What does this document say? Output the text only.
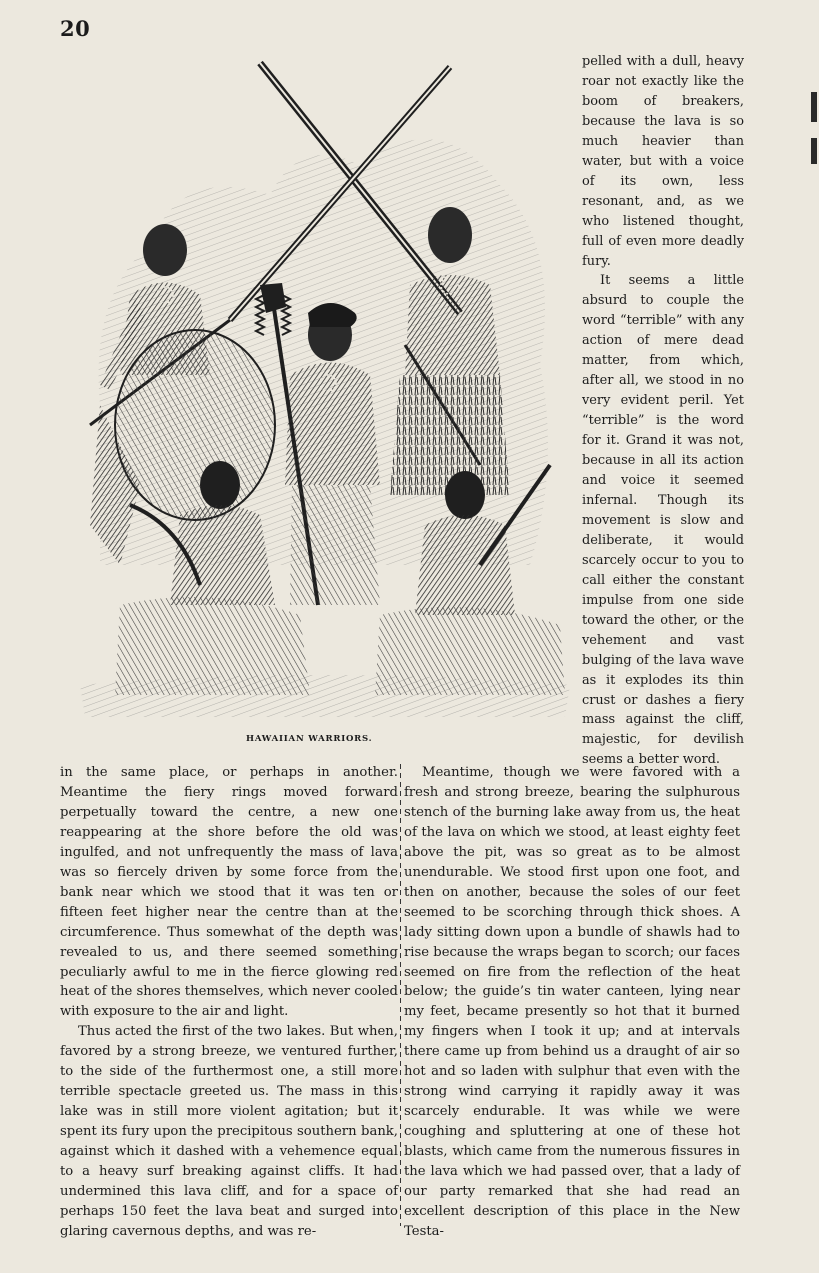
20
HAWAIIAN WARRIORS.

pelled with a dull, heavy roar not exactly like the boom of breakers, because the lava is so much heavier than water, but with a voice of its own, less resonant, and, as we who listened thought, full of even more deadly fury.

It seems a little absurd to couple the word “terrible” with any action of mere dead matter, from which, after all, we stood in no very evident peril. Yet “terrible” is the word for it. Grand it was not, because in all its action and voice it seemed infernal. Though its movement is slow and deliberate, it would scarcely occur to you to call either the constant impulse from one side toward the other, or the vehement and vast bulging of the lava wave as it explodes its thin crust or dashes a fiery mass against the cliff, majestic, for devilish seems a better word.

in the same place, or perhaps in another. Meantime the fiery rings moved forward perpetually toward the centre, a new one reappearing at the shore before the old was ingulfed, and not unfrequently the mass of lava was so fiercely driven by some force from the bank near which we stood that it was ten or fifteen feet higher near the centre than at the circumference. Thus somewhat of the depth was revealed to us, and there seemed something peculiarly awful to me in the fierce glowing red heat of the shores themselves, which never cooled with exposure to the air and light.

Thus acted the first of the two lakes. But when, favored by a strong breeze, we ventured further, to the side of the furthermost one, a still more terrible spectacle greeted us. The mass in this lake was in still more violent agitation; but it spent its fury upon the precipitous southern bank, against which it dashed with a vehemence equal to a heavy surf breaking against cliffs. It had undermined this lava cliff, and for a space of perhaps 150 feet the lava beat and surged into glaring cavernous depths, and was re-

Meantime, though we were favored with a fresh and strong breeze, bearing the sulphurous stench of the burning lake away from us, the heat of the lava on which we stood, at least eighty feet above the pit, was so great as to be almost unendurable. We stood first upon one foot, and then on another, because the soles of our feet seemed to be scorching through thick shoes. A lady sitting down upon a bundle of shawls had to rise because the wraps began to scorch; our faces seemed on fire from the reflection of the heat below; the guide’s tin water canteen, lying near my feet, became presently so hot that it burned my fingers when I took it up; and at intervals there came up from behind us a draught of air so hot and so laden with sulphur that even with the strong wind carrying it rapidly away it was scarcely endurable. It was while we were coughing and spluttering at one of these hot blasts, which came from the numerous fissures in the lava which we had passed over, that a lady of our party remarked that she had read an excellent description of this place in the New Testa-
